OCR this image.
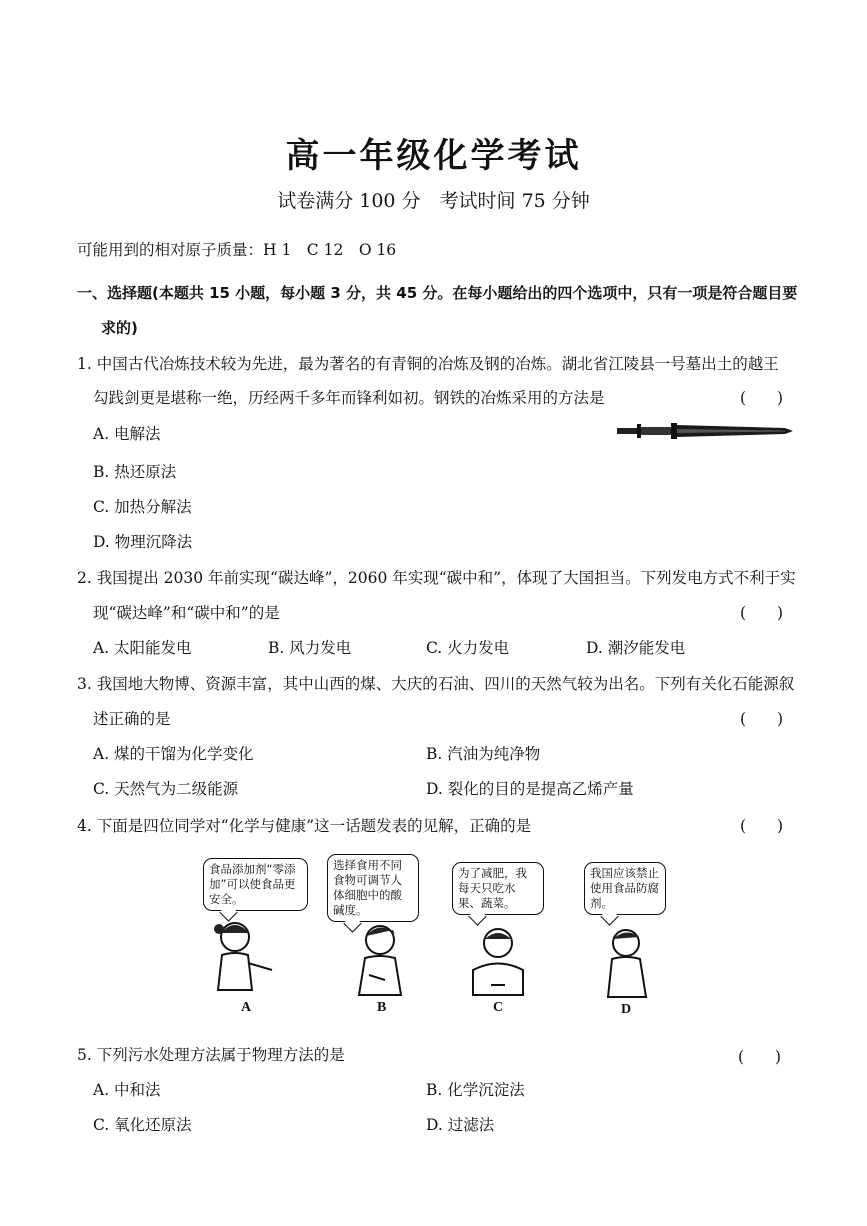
高一年级化学考试
试卷满分 100 分　考试时间 75 分钟
可能用到的相对原子质量：H 1　C 12　O 16
一、选择题(本题共 15 小题，每小题 3 分，共 45 分。在每小题给出的四个选项中，只有一项是符合题目要
求的)
1. 中国古代冶炼技术较为先进，最为著名的有青铜的冶炼及钢的冶炼。湖北省江陵县一号墓出土的越王
勾践剑更是堪称一绝，历经两千多年而锋利如初。钢铁的冶炼采用的方法是	(　　)
A. 电解法
B. 热还原法
C. 加热分解法
D. 物理沉降法
2. 我国提出 2030 年前实现“碳达峰”，2060 年实现“碳中和”，体现了大国担当。下列发电方式不利于实
现“碳达峰”和“碳中和”的是	(　　)
A. 太阳能发电	B. 风力发电	C. 火力发电	D. 潮汐能发电
3. 我国地大物博、资源丰富，其中山西的煤、大庆的石油、四川的天然气较为出名。下列有关化石能源叙
述正确的是	(　　)
A. 煤的干馏为化学变化	B. 汽油为纯净物
C. 天然气为二级能源	D. 裂化的目的是提高乙烯产量
4. 下面是四位同学对“化学与健康”这一话题发表的见解，正确的是	(　　)
食品添加剂“零添加”可以使食品更安全。
选择食用不同食物可调节人体细胞中的酸碱度。
为了减肥，我每天只吃水果、蔬菜。
我国应该禁止使用食品防腐剂。
A	B	C	D
5. 下列污水处理方法属于物理方法的是	(　　)
A. 中和法	B. 化学沉淀法
C. 氧化还原法	D. 过滤法
